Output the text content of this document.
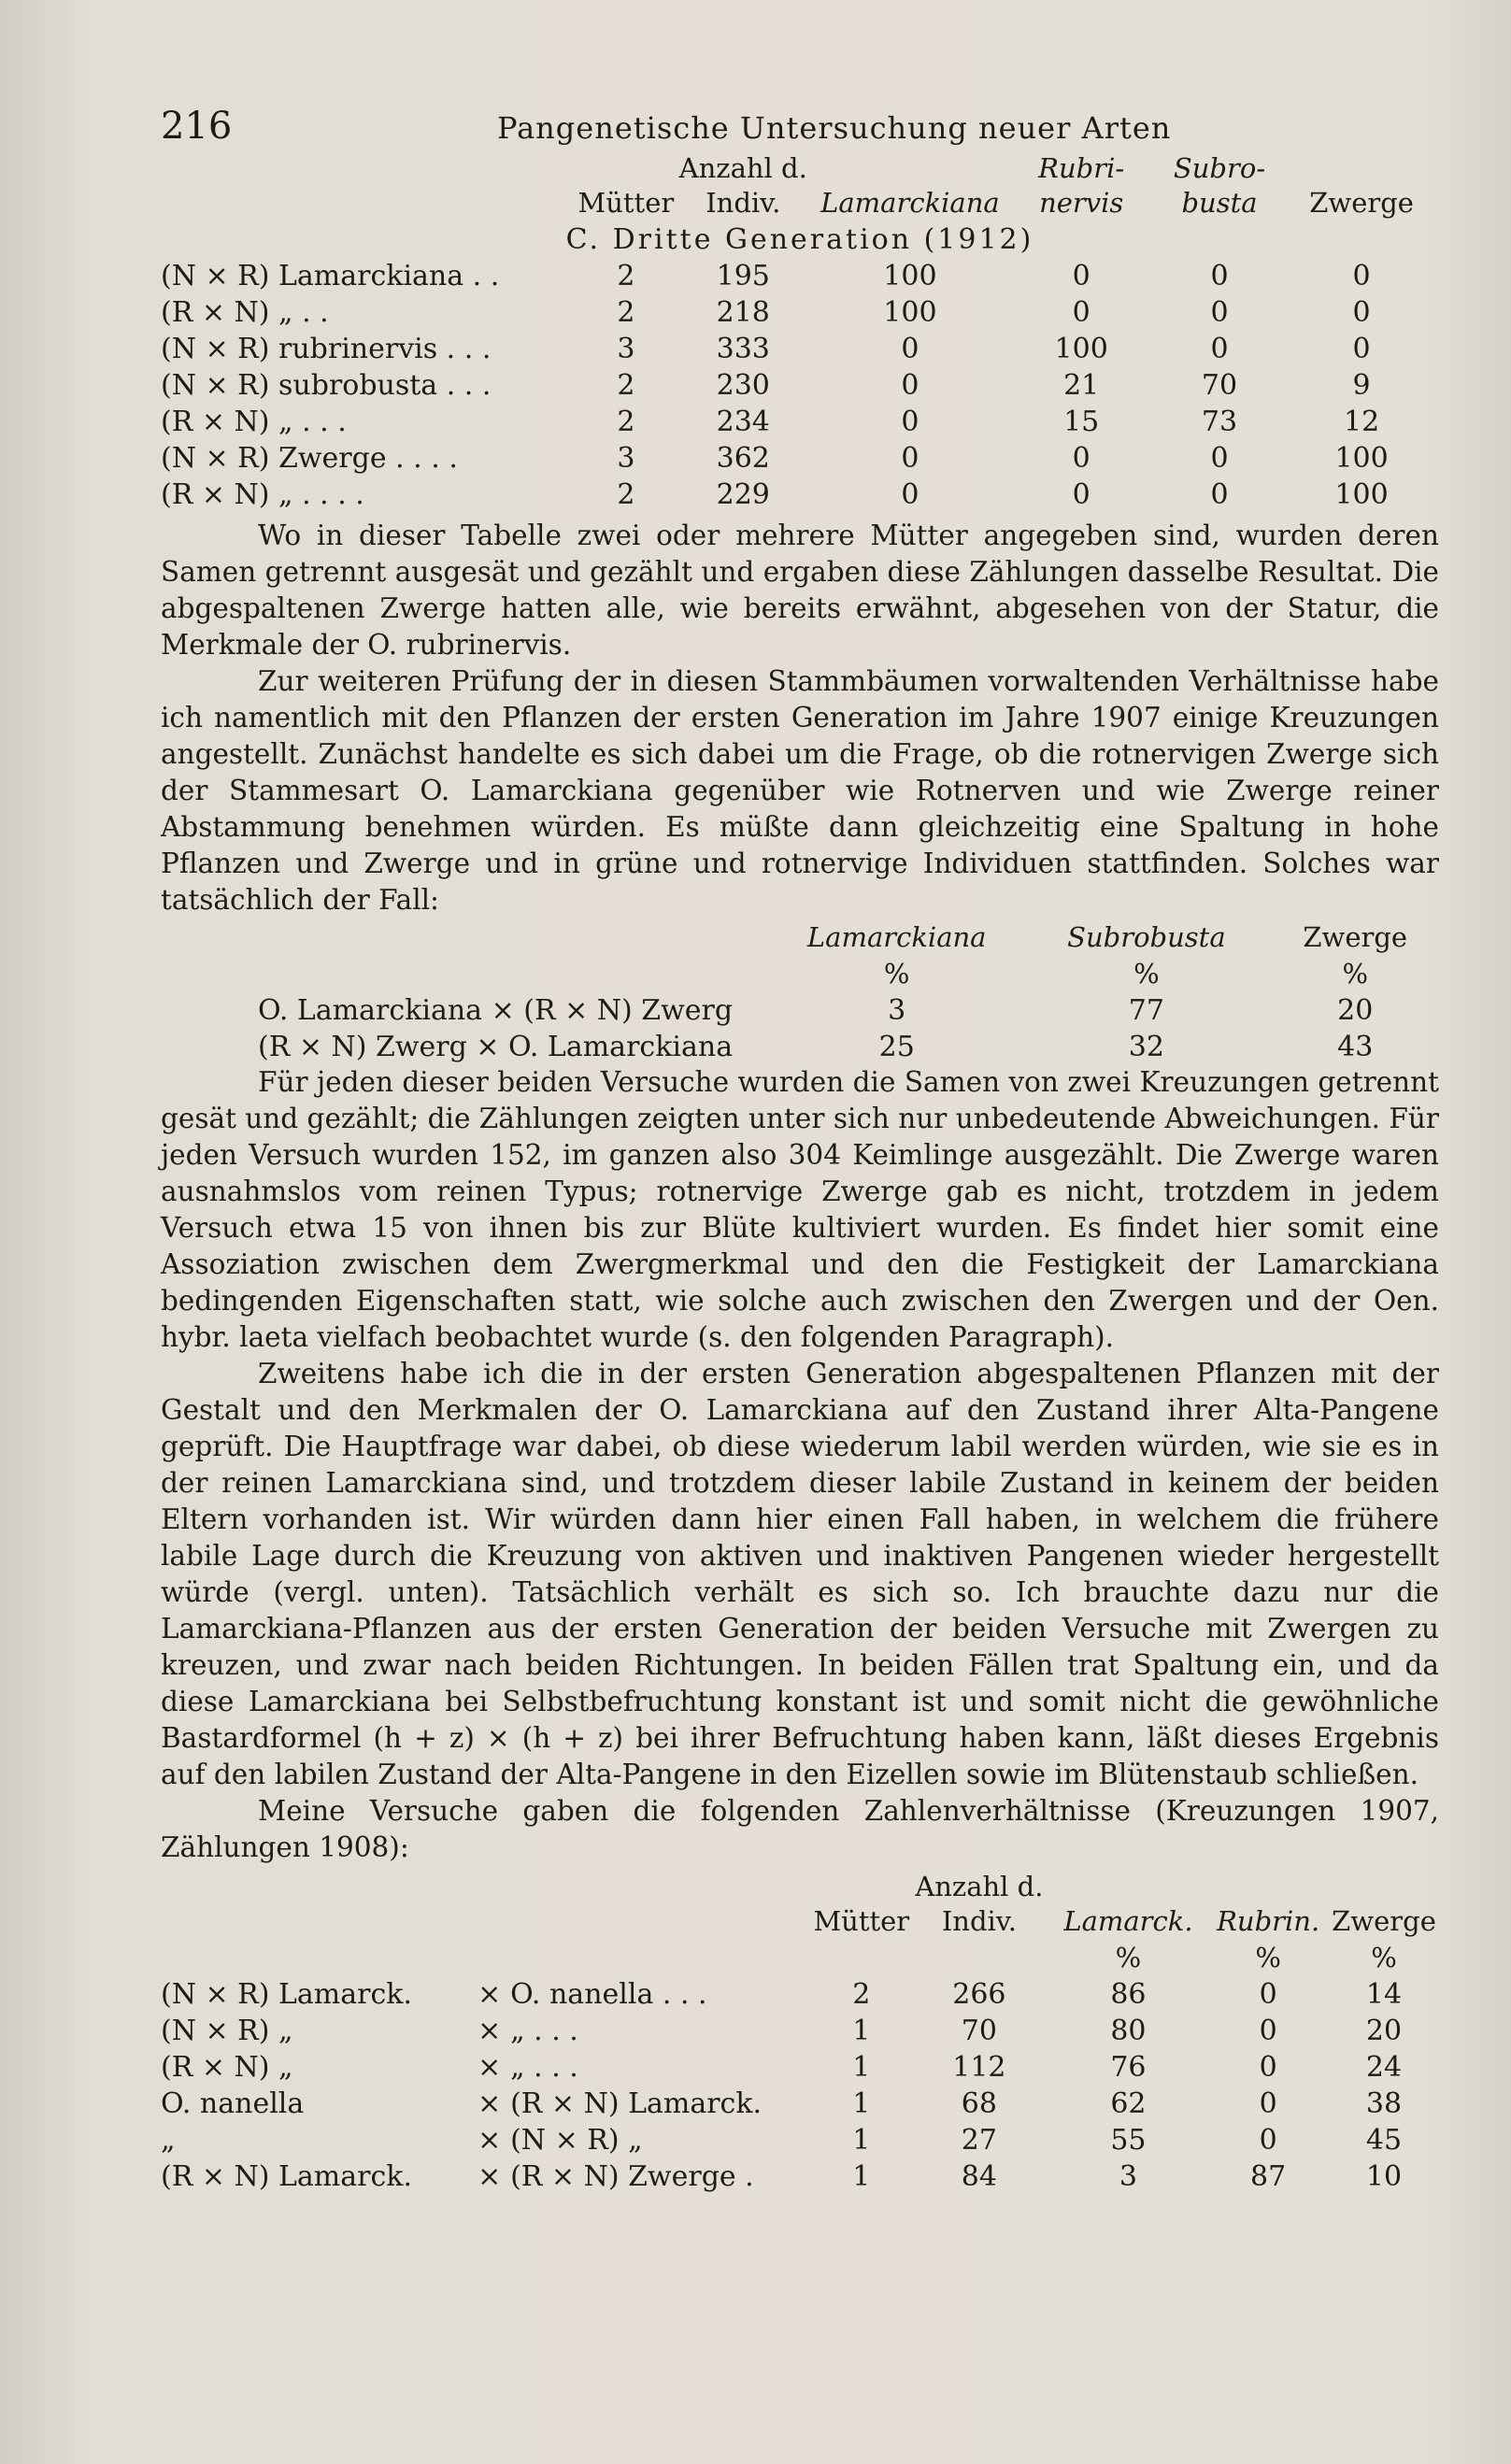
216	Pangenetische Untersuchung neuer Arten
	Mütter	Anzahl d. Indiv.	Lamarckiana	Rubri- nervis	Subro- busta	Zwerge
C. Dritte Generation (1912)						
(N × R) Lamarckiana . .	2	195	100	0	0	0
(R × N) „ . .	2	218	100	0	0	0
(N × R) rubrinervis . . .	3	333	0	100	0	0
(N × R) subrobusta . . .	2	230	0	21	70	9
(R × N) „ . . .	2	234	0	15	73	12
(N × R) Zwerge . . . .	3	362	0	0	0	100
(R × N) „ . . . .	2	229	0	0	0	100

Wo in dieser Tabelle zwei oder mehrere Mütter angegeben sind, wurden deren Samen getrennt ausgesät und gezählt und ergaben diese Zählungen dasselbe Resultat. Die abgespaltenen Zwerge hatten alle, wie bereits erwähnt, abgesehen von der Statur, die Merkmale der O. rubrinervis.

Zur weiteren Prüfung der in diesen Stammbäumen vorwaltenden Verhältnisse habe ich namentlich mit den Pflanzen der ersten Generation im Jahre 1907 einige Kreuzungen angestellt. Zunächst handelte es sich dabei um die Frage, ob die rotnervigen Zwerge sich der Stammesart O. Lamarckiana gegenüber wie Rotnerven und wie Zwerge reiner Abstammung benehmen würden. Es müßte dann gleichzeitig eine Spaltung in hohe Pflanzen und Zwerge und in grüne und rotnervige Individuen stattfinden. Solches war tatsächlich der Fall:

		Lamarckiana	Subrobusta	Zwerge
		%	%	%
	O. Lamarckiana × (R × N) Zwerg	3	77	20
	(R × N) Zwerg × O. Lamarckiana	25	32	43

Für jeden dieser beiden Versuche wurden die Samen von zwei Kreuzungen getrennt gesät und gezählt; die Zählungen zeigten unter sich nur unbedeutende Abweichungen. Für jeden Versuch wurden 152, im ganzen also 304 Keimlinge ausgezählt. Die Zwerge waren ausnahmslos vom reinen Typus; rotnervige Zwerge gab es nicht, trotzdem in jedem Versuch etwa 15 von ihnen bis zur Blüte kultiviert wurden. Es findet hier somit eine Assoziation zwischen dem Zwergmerkmal und den die Festigkeit der Lamarckiana bedingenden Eigenschaften statt, wie solche auch zwischen den Zwergen und der Oen. hybr. laeta vielfach beobachtet wurde (s. den folgenden Paragraph).

Zweitens habe ich die in der ersten Generation abgespaltenen Pflanzen mit der Gestalt und den Merkmalen der O. Lamarckiana auf den Zustand ihrer Alta-Pangene geprüft. Die Hauptfrage war dabei, ob diese wiederum labil werden würden, wie sie es in der reinen Lamarckiana sind, und trotzdem dieser labile Zustand in keinem der beiden Eltern vorhanden ist. Wir würden dann hier einen Fall haben, in welchem die frühere labile Lage durch die Kreuzung von aktiven und inaktiven Pangenen wieder hergestellt würde (vergl. unten). Tatsächlich verhält es sich so. Ich brauchte dazu nur die Lamarckiana-Pflanzen aus der ersten Generation der beiden Versuche mit Zwergen zu kreuzen, und zwar nach beiden Richtungen. In beiden Fällen trat Spaltung ein, und da diese Lamarckiana bei Selbstbefruchtung konstant ist und somit nicht die gewöhnliche Bastardformel (h + z) × (h + z) bei ihrer Befruchtung haben kann, läßt dieses Ergebnis auf den labilen Zustand der Alta-Pangene in den Eizellen sowie im Blütenstaub schließen.

Meine Versuche gaben die folgenden Zahlenverhältnisse (Kreuzungen 1907, Zählungen 1908):

			Mütter	Anzahl d. Indiv.	Lamarck.	Rubrin.	Zwerge
					%	%	%
(N × R) Lamarck.	×	O. nanella . . .	2	266	86	0	14
(N × R) „	×	„ . . .	1	70	80	0	20
(R × N) „	×	„ . . .	1	112	76	0	24
O. nanella	×	(R × N) Lamarck.	1	68	62	0	38
„	×	(N × R) „	1	27	55	0	45
(R × N) Lamarck.	×	(R × N) Zwerge .	1	84	3	87	10
